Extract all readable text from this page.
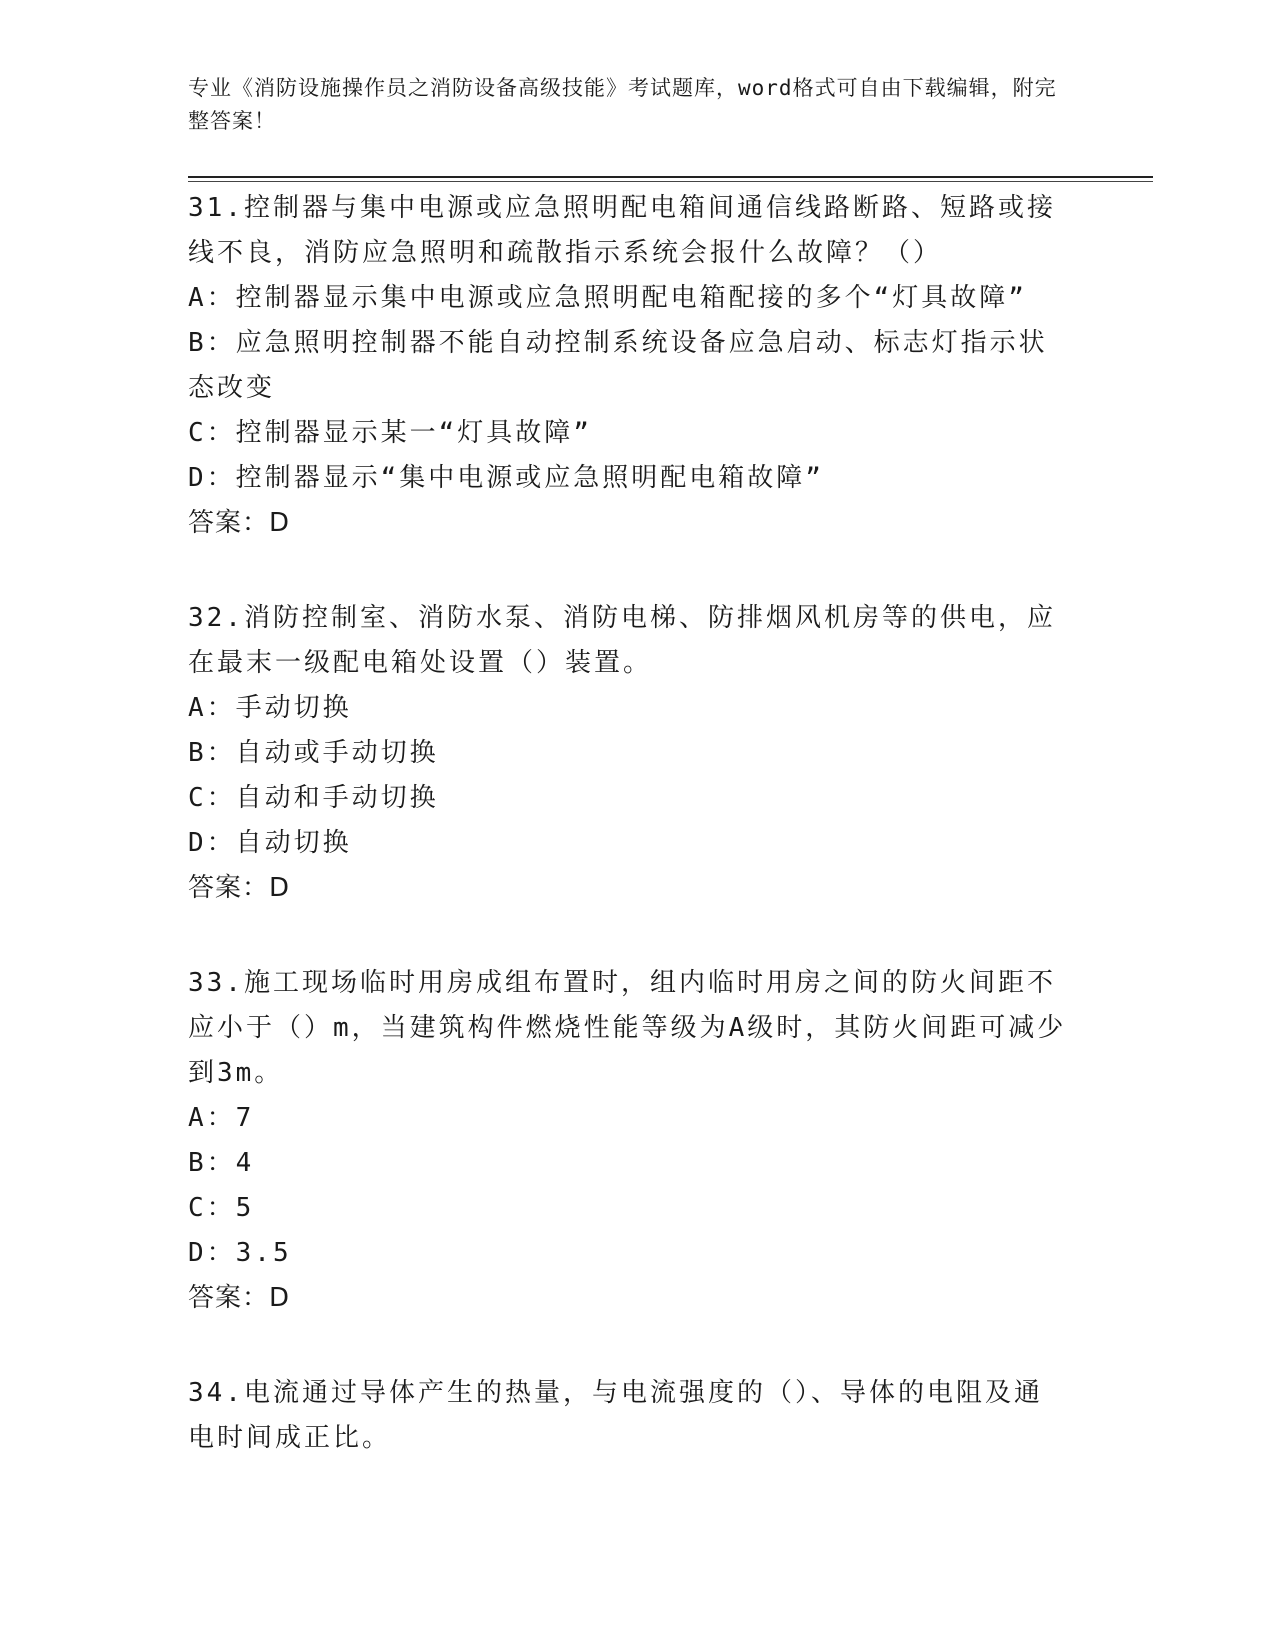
专业《消防设施操作员之消防设备高级技能》考试题库，word格式可自由下载编辑，附完整答案！

31.控制器与集中电源或应急照明配电箱间通信线路断路、短路或接线不良，消防应急照明和疏散指示系统会报什么故障？（）

A：控制器显示集中电源或应急照明配电箱配接的多个“灯具故障”

B：应急照明控制器不能自动控制系统设备应急启动、标志灯指示状态改变

C：控制器显示某一“灯具故障”

D：控制器显示“集中电源或应急照明配电箱故障”

答案：D

32.消防控制室、消防水泵、消防电梯、防排烟风机房等的供电，应在最末一级配电箱处设置（）装置。

A：手动切换

B：自动或手动切换

C：自动和手动切换

D：自动切换

答案：D

33.施工现场临时用房成组布置时，组内临时用房之间的防火间距不应小于（）m，当建筑构件燃烧性能等级为A级时，其防火间距可减少到3m。

A：7

B：4

C：5

D：3.5

答案：D

34.电流通过导体产生的热量，与电流强度的（）、导体的电阻及通电时间成正比。
